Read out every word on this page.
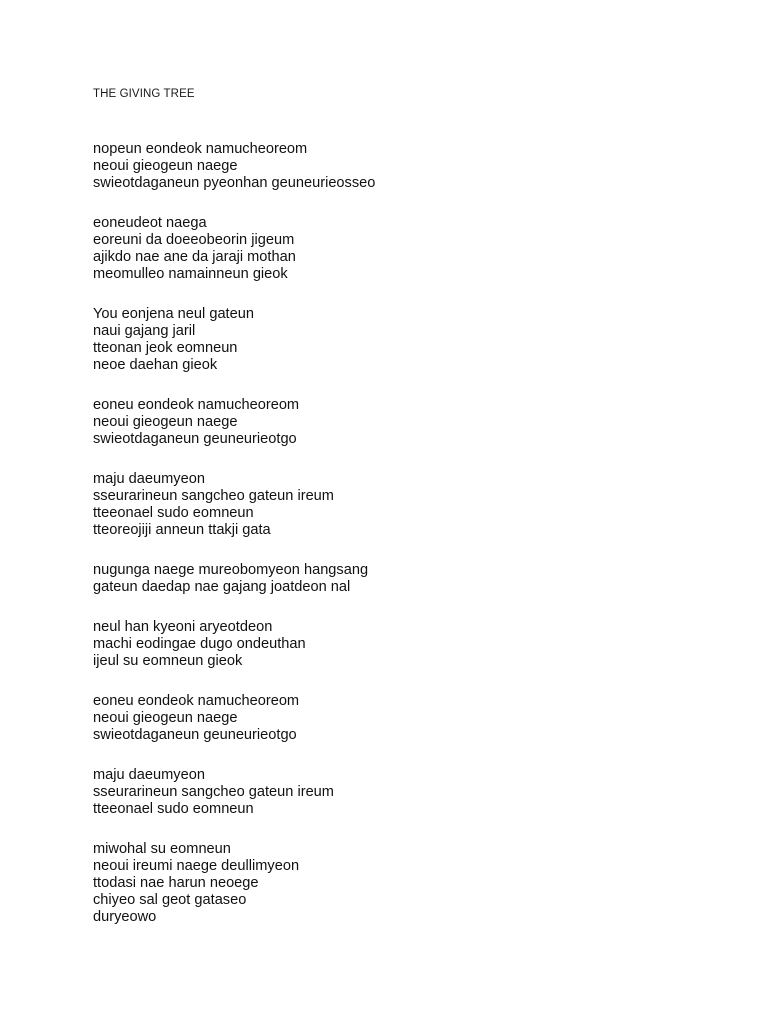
THE GIVING TREE
nopeun eondeok namucheoreom
neoui gieogeun naege
swieotdaganeun pyeonhan geuneurieosseo
eoneudeot naega
eoreuni da doeeobeorin jigeum
ajikdo nae ane da jaraji mothan
meomulleo namainneun gieok
You eonjena neul gateun
naui gajang jaril
tteonan jeok eomneun
neoe daehan gieok
eoneu eondeok namucheoreom
neoui gieogeun naege
swieotdaganeun geuneurieotgo
maju daeumyeon
sseurarineun sangcheo gateun ireum
tteeonael sudo eomneun
tteoreojiji anneun ttakji gata
nugunga naege mureobomyeon hangsang
gateun daedap nae gajang joatdeon nal
neul han kyeoni aryeotdeon
machi eodingae dugo ondeuthan
ijeul su eomneun gieok
eoneu eondeok namucheoreom
neoui gieogeun naege
swieotdaganeun geuneurieotgo
maju daeumyeon
sseurarineun sangcheo gateun ireum
tteeonael sudo eomneun
miwohal su eomneun
neoui ireumi naege deullimyeon
ttodasi nae harun neoege
chiyeo sal geot gataseo
duryeowo
